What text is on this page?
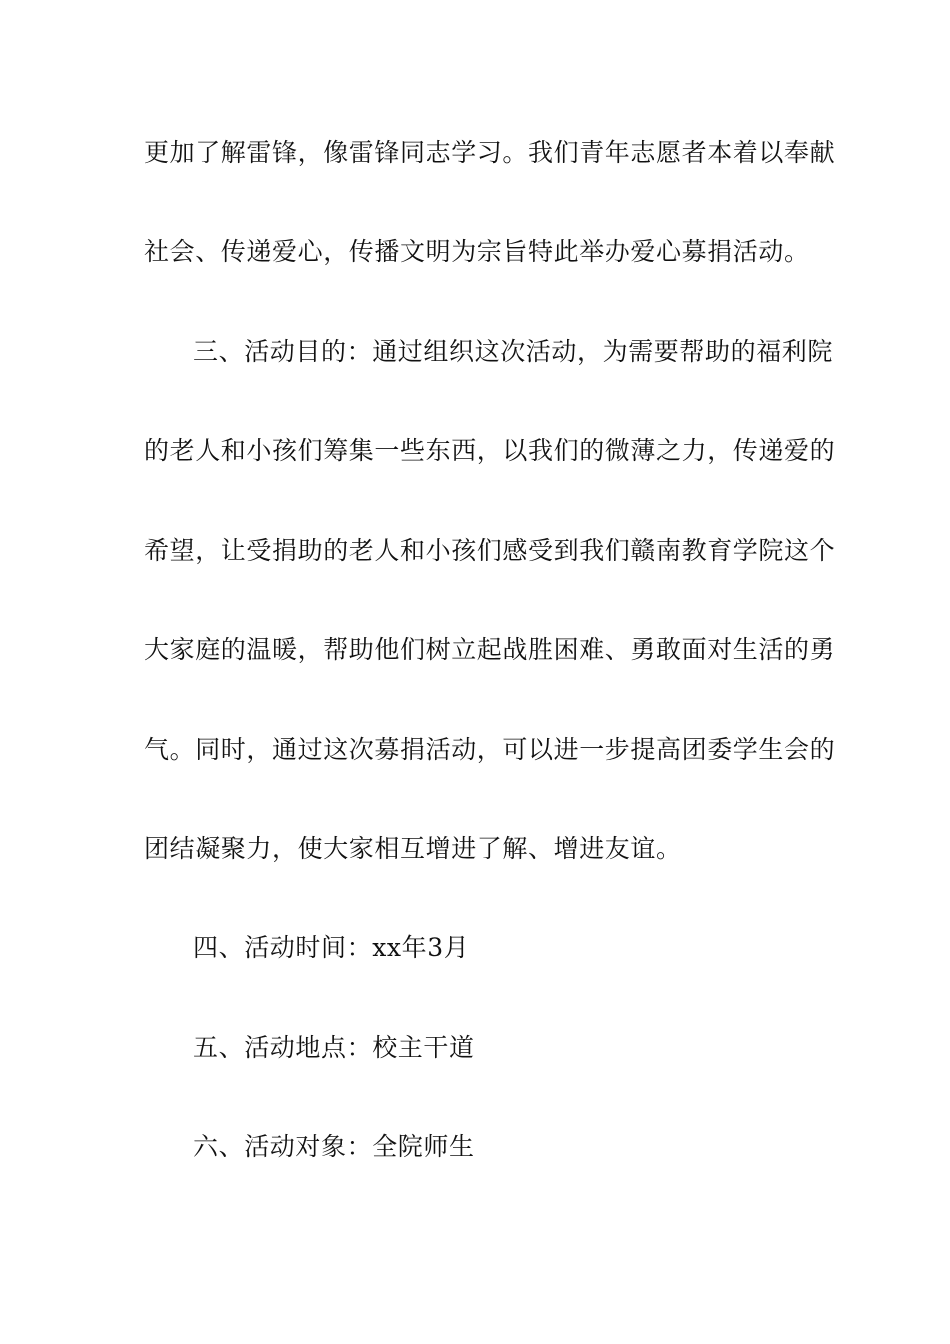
更加了解雷锋，像雷锋同志学习。我们青年志愿者本着以奉献
社会、传递爱心，传播文明为宗旨特此举办爱心募捐活动。
三、活动目的：通过组织这次活动，为需要帮助的福利院
的老人和小孩们筹集一些东西，以我们的微薄之力，传递爱的
希望，让受捐助的老人和小孩们感受到我们赣南教育学院这个
大家庭的温暖，帮助他们树立起战胜困难、勇敢面对生活的勇
气。同时，通过这次募捐活动，可以进一步提高团委学生会的
团结凝聚力，使大家相互增进了解、增进友谊。
四、活动时间：xx年3月
五、活动地点：校主干道
六、活动对象：全院师生
